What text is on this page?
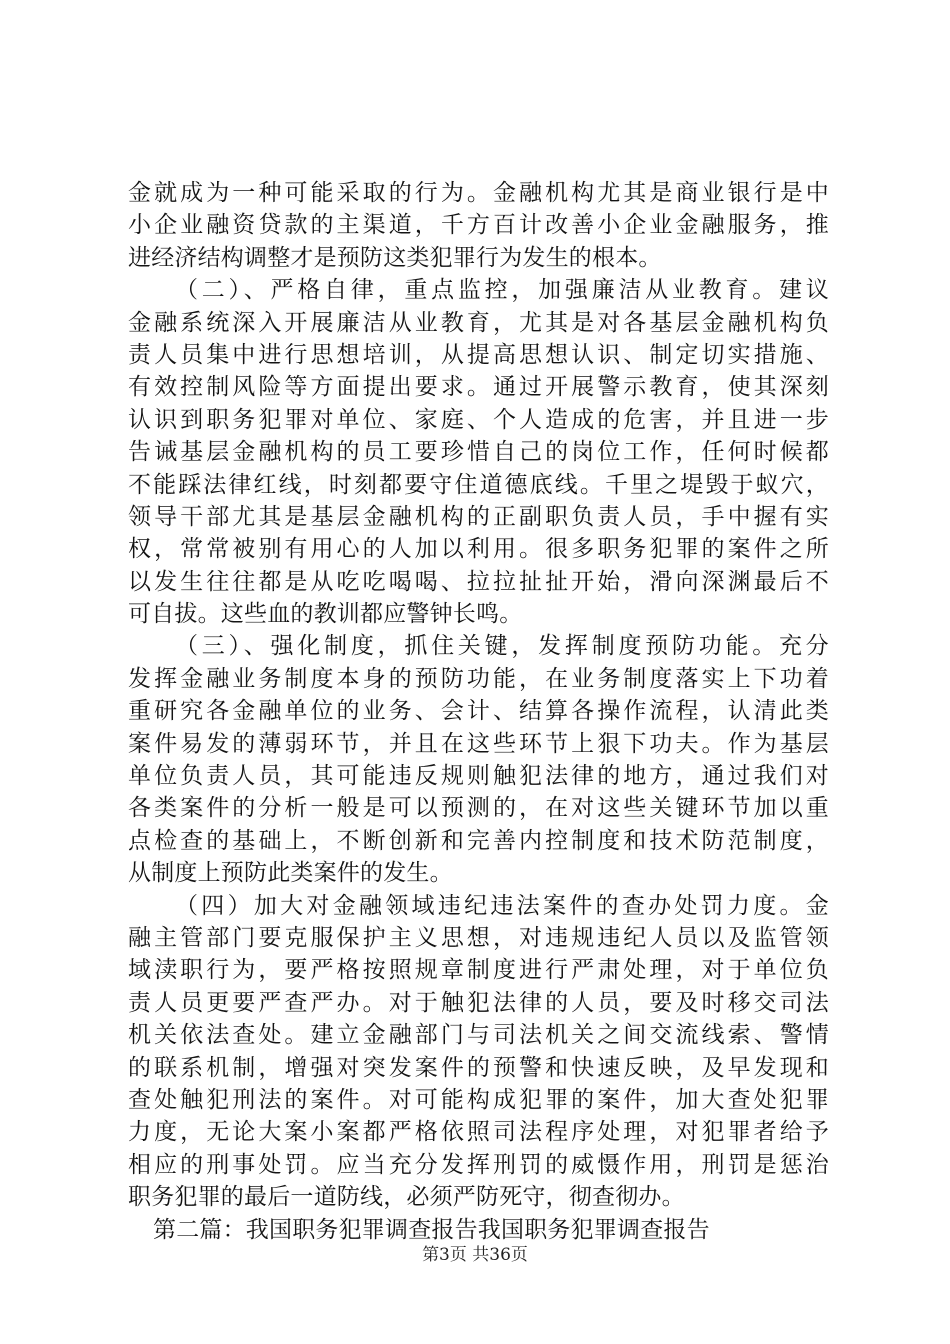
金就成为一种可能采取的行为。金融机构尤其是商业银行是中
小企业融资贷款的主渠道，千方百计改善小企业金融服务，推
进经济结构调整才是预防这类犯罪行为发生的根本。
（二）、严格自律，重点监控，加强廉洁从业教育。建议
金融系统深入开展廉洁从业教育，尤其是对各基层金融机构负
责人员集中进行思想培训，从提高思想认识、制定切实措施、
有效控制风险等方面提出要求。通过开展警示教育，使其深刻
认识到职务犯罪对单位、家庭、个人造成的危害，并且进一步
告诫基层金融机构的员工要珍惜自己的岗位工作，任何时候都
不能踩法律红线，时刻都要守住道德底线。千里之堤毁于蚁穴，
领导干部尤其是基层金融机构的正副职负责人员，手中握有实
权，常常被别有用心的人加以利用。很多职务犯罪的案件之所
以发生往往都是从吃吃喝喝、拉拉扯扯开始，滑向深渊最后不
可自拔。这些血的教训都应警钟长鸣。
（三）、强化制度，抓住关键，发挥制度预防功能。充分
发挥金融业务制度本身的预防功能，在业务制度落实上下功着
重研究各金融单位的业务、会计、结算各操作流程，认清此类
案件易发的薄弱环节，并且在这些环节上狠下功夫。作为基层
单位负责人员，其可能违反规则触犯法律的地方，通过我们对
各类案件的分析一般是可以预测的，在对这些关键环节加以重
点检查的基础上，不断创新和完善内控制度和技术防范制度，
从制度上预防此类案件的发生。
（四）加大对金融领域违纪违法案件的查办处罚力度。金
融主管部门要克服保护主义思想，对违规违纪人员以及监管领
域渎职行为，要严格按照规章制度进行严肃处理，对于单位负
责人员更要严查严办。对于触犯法律的人员，要及时移交司法
机关依法查处。建立金融部门与司法机关之间交流线索、警情
的联系机制，增强对突发案件的预警和快速反映，及早发现和
查处触犯刑法的案件。对可能构成犯罪的案件，加大查处犯罪
力度，无论大案小案都严格依照司法程序处理，对犯罪者给予
相应的刑事处罚。应当充分发挥刑罚的威慑作用，刑罚是惩治
职务犯罪的最后一道防线，必须严防死守，彻查彻办。
第二篇：我国职务犯罪调查报告我国职务犯罪调查报告
第3页 共36页
